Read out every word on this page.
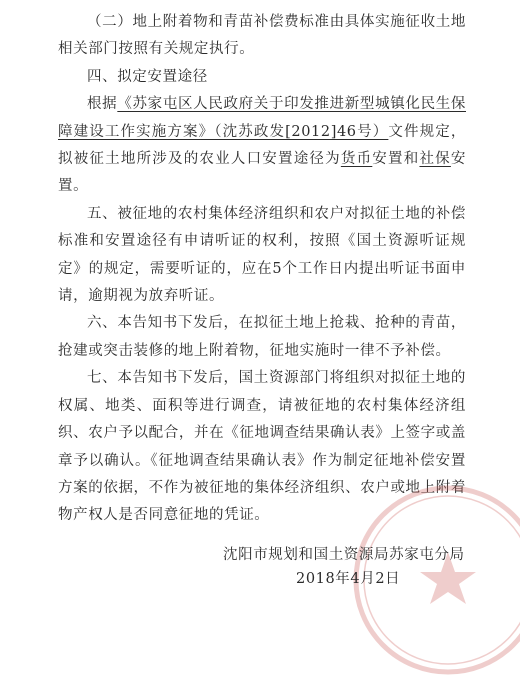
（二）地上附着物和青苗补偿费标准由具体实施征收土地相关部门按照有关规定执行。

四、拟定安置途径

根据《苏家屯区人民政府关于印发推进新型城镇化民生保障建设工作实施方案》（沈苏政发[2012]46号）文件规定，拟被征土地所涉及的农业人口安置途径为货币安置和社保安置。

五、被征地的农村集体经济组织和农户对拟征土地的补偿标准和安置途径有申请听证的权利，按照《国土资源听证规定》的规定，需要听证的，应在5个工作日内提出听证书面申请，逾期视为放弃听证。

六、本告知书下发后，在拟征土地上抢栽、抢种的青苗，抢建或突击装修的地上附着物，征地实施时一律不予补偿。

七、本告知书下发后，国土资源部门将组织对拟征土地的权属、地类、面积等进行调查，请被征地的农村集体经济组织、农户予以配合，并在《征地调查结果确认表》上签字或盖章予以确认。《征地调查结果确认表》作为制定征地补偿安置方案的依据，不作为被征地的集体经济组织、农户或地上附着物产权人是否同意征地的凭证。

沈阳市规划和国土资源局苏家屯分局
2018年4月2日
